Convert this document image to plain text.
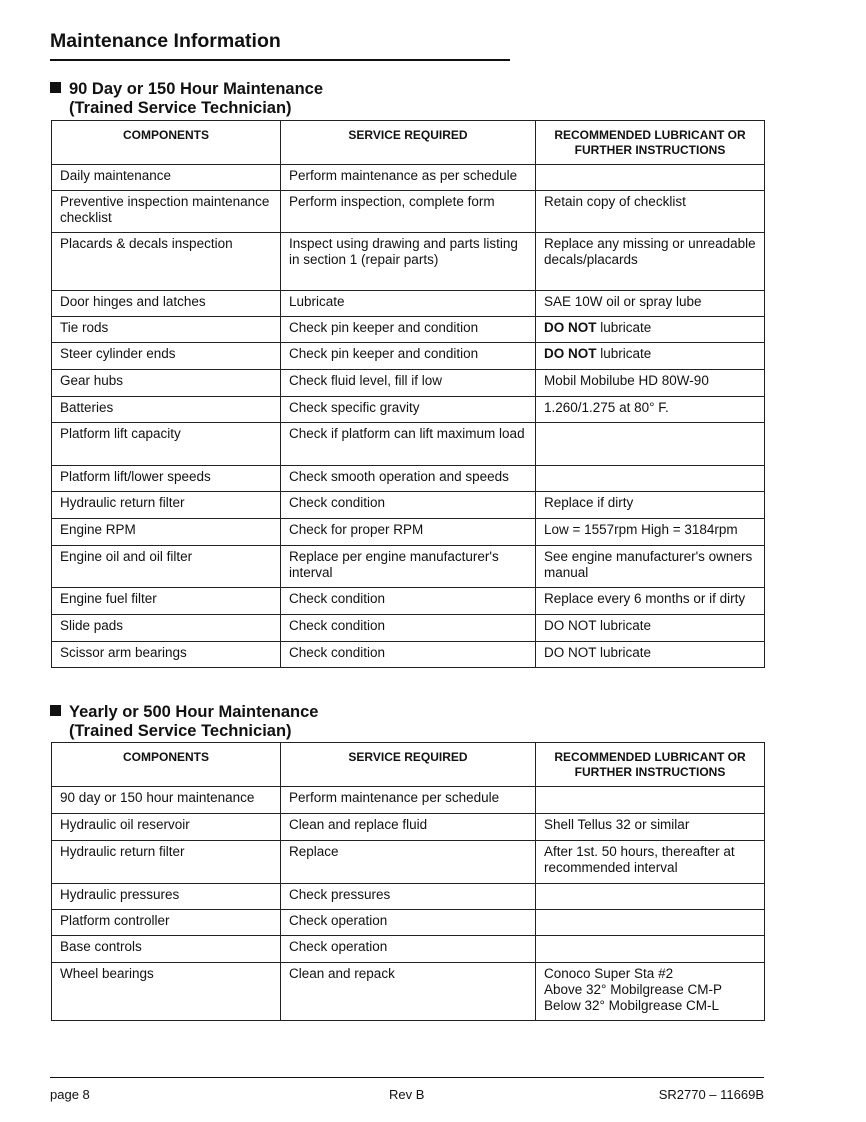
Maintenance Information
90 Day or 150 Hour Maintenance
(Trained Service Technician)
COMPONENTS	SERVICE REQUIRED	RECOMMENDED LUBRICANT OR FURTHER INSTRUCTIONS
Daily maintenance	Perform maintenance as per schedule	
Preventive inspection maintenance checklist	Perform inspection, complete form	Retain copy of checklist
Placards & decals inspection	Inspect using drawing and parts listing in section 1 (repair parts)	Replace any missing or unreadable decals/placards
Door hinges and latches	Lubricate	SAE 10W oil or spray lube
Tie rods	Check pin keeper and condition	DO NOT lubricate
Steer cylinder ends	Check pin keeper and condition	DO NOT lubricate
Gear hubs	Check fluid level, fill if low	Mobil Mobilube HD 80W-90
Batteries	Check specific gravity	1.260/1.275 at 80° F.
Platform lift capacity	Check if platform can lift maximum load	
Platform lift/lower speeds	Check smooth operation and speeds	
Hydraulic return filter	Check condition	Replace if dirty
Engine RPM	Check for proper RPM	Low = 1557rpm High = 3184rpm
Engine oil and oil filter	Replace per engine manufacturer's interval	See engine manufacturer's owners manual
Engine fuel filter	Check condition	Replace every 6 months or if dirty
Slide pads	Check condition	DO NOT lubricate
Scissor arm bearings	Check condition	DO NOT lubricate
Yearly or 500 Hour Maintenance
(Trained Service Technician)
COMPONENTS	SERVICE REQUIRED	RECOMMENDED LUBRICANT OR FURTHER INSTRUCTIONS
90 day or 150 hour maintenance	Perform maintenance per schedule	
Hydraulic oil reservoir	Clean and replace fluid	Shell Tellus 32 or similar
Hydraulic return filter	Replace	After 1st. 50 hours, thereafter at recommended interval
Hydraulic pressures	Check pressures	
Platform controller	Check operation	
Base controls	Check operation	
Wheel bearings	Clean and repack	Conoco Super Sta #2
Above 32° Mobilgrease CM-P
Below 32° Mobilgrease CM-L
page 8	Rev B	SR2770 – 11669B
